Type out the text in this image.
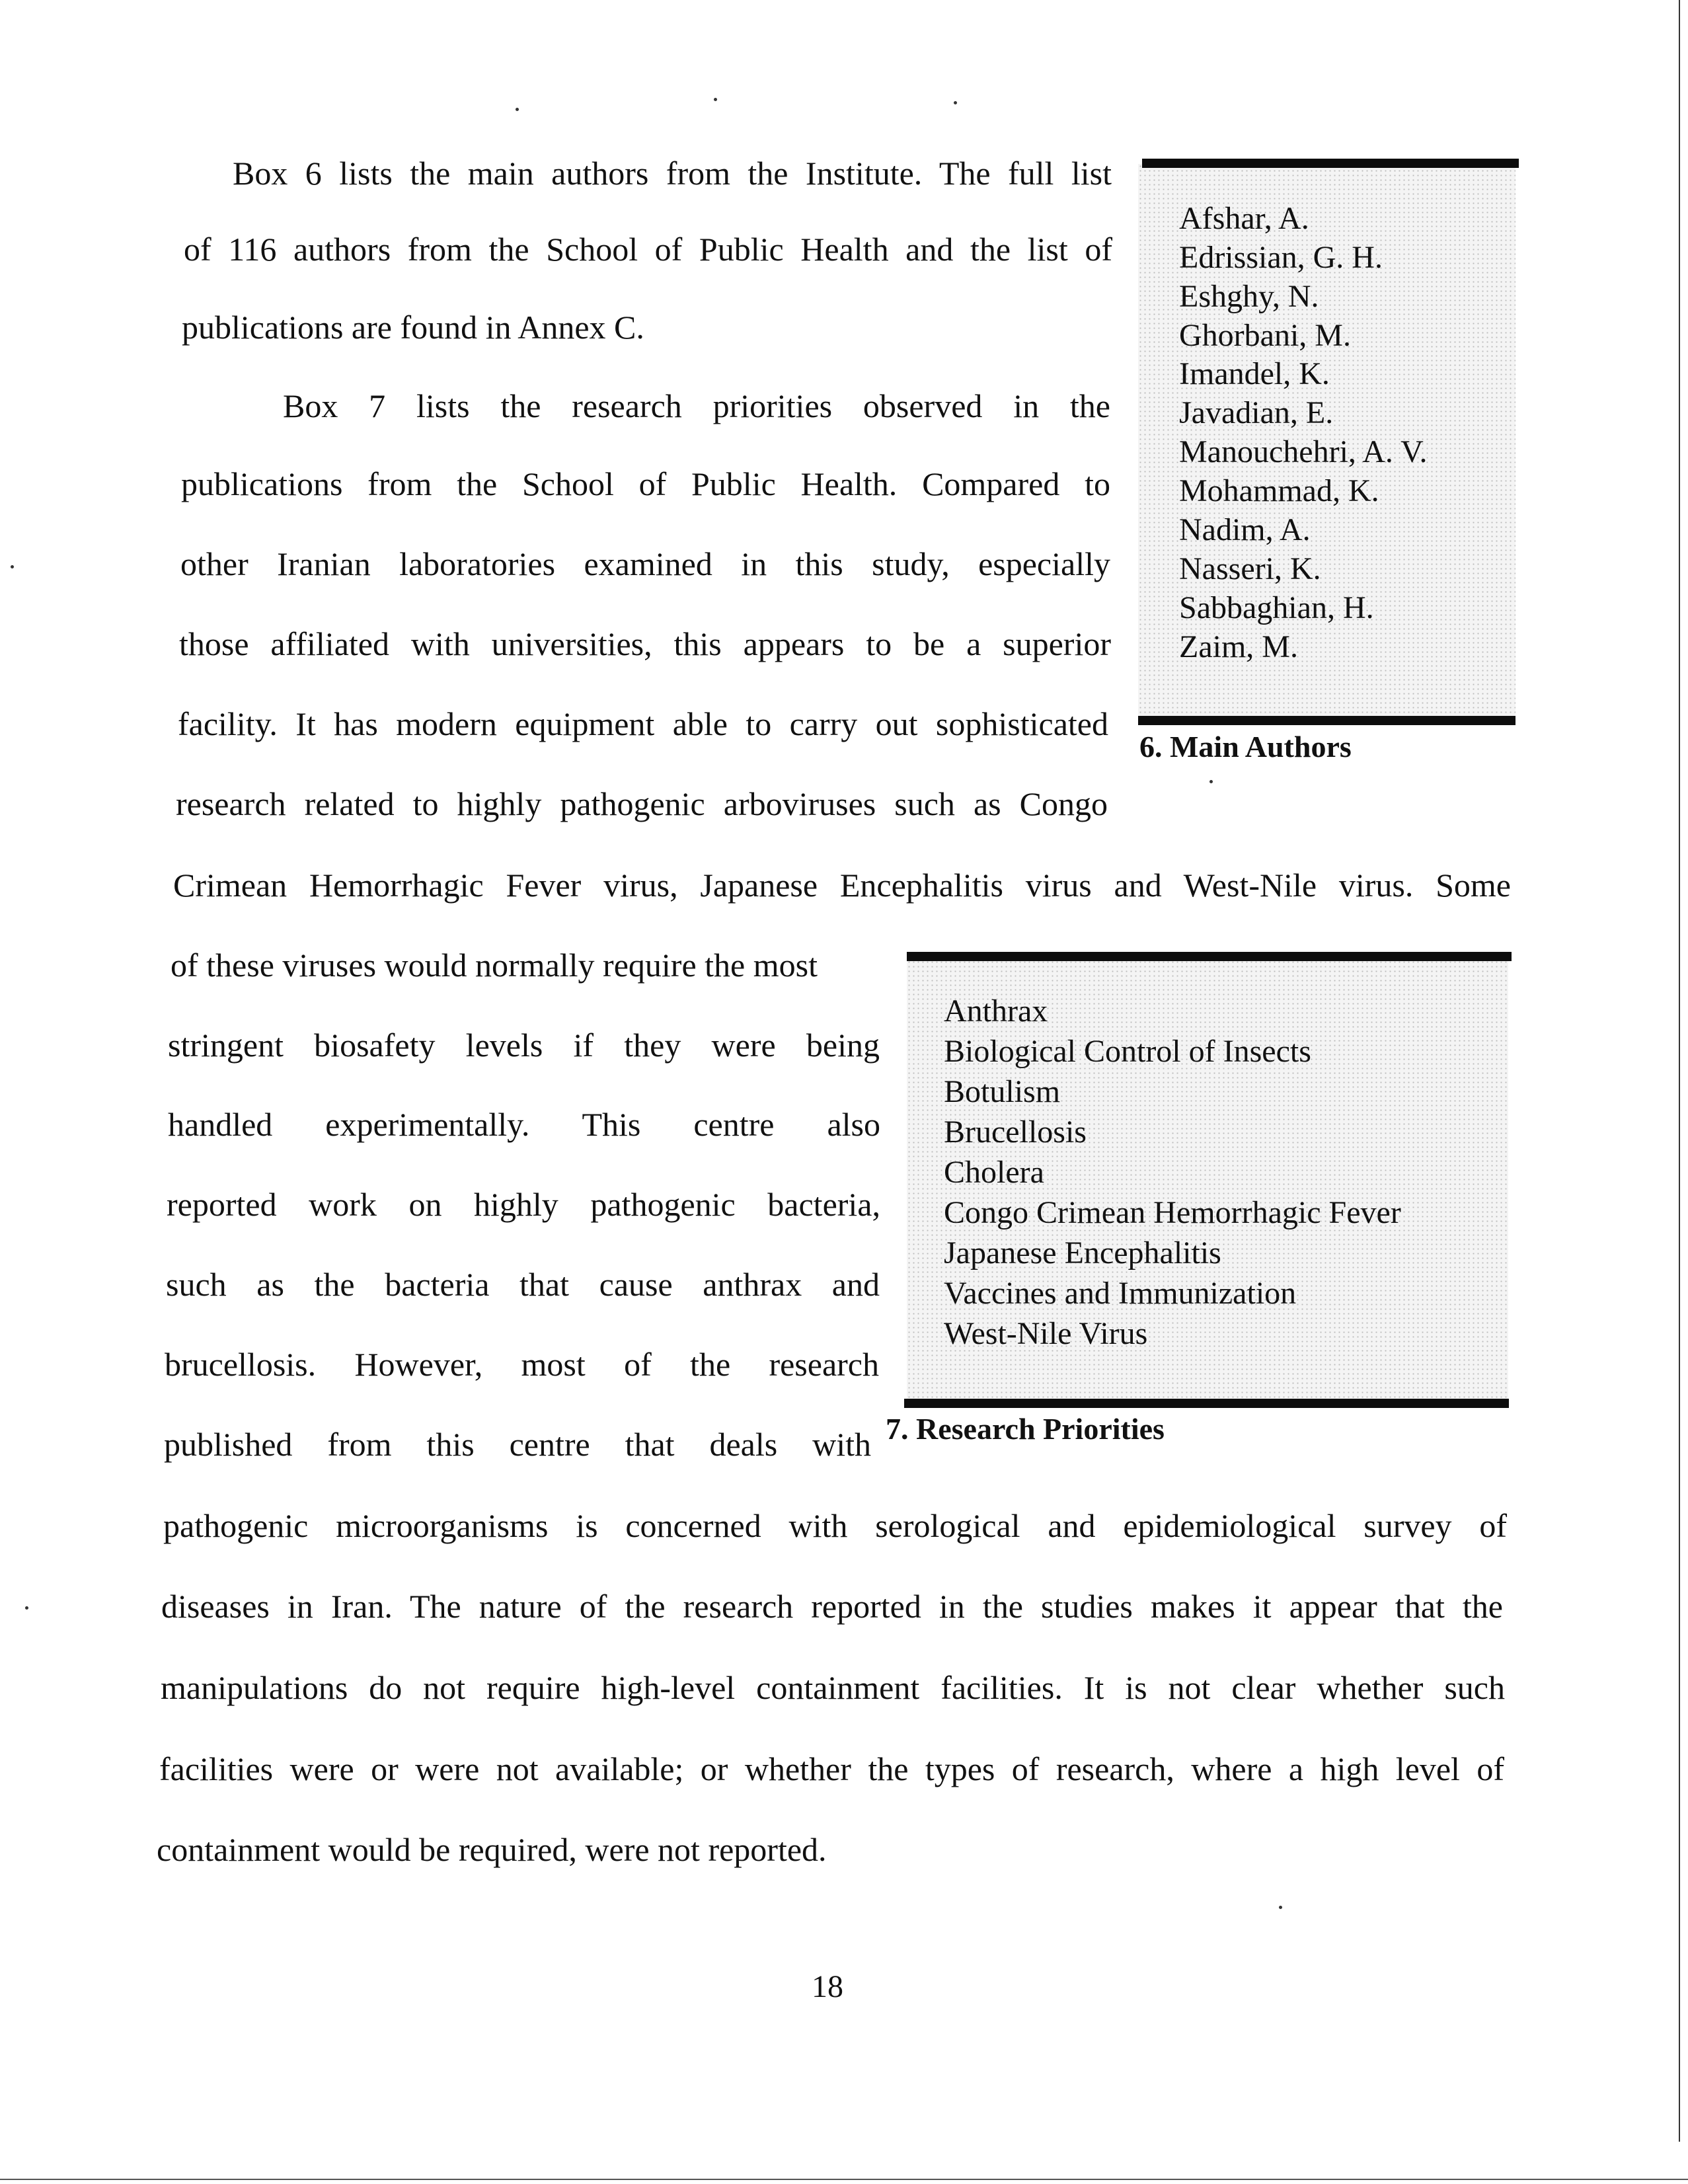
Box 6 lists the main authors from the Institute. The full list
of 116 authors from the School of Public Health and the list of
publications are found in Annex C.
Box 7 lists the research priorities observed in the
publications from the School of Public Health. Compared to
other Iranian laboratories examined in this study, especially
those affiliated with universities, this appears to be a superior
facility. It has modern equipment able to carry out sophisticated
research related to highly pathogenic arboviruses such as Congo
Crimean Hemorrhagic Fever virus, Japanese Encephalitis virus and West-Nile virus. Some
of these viruses would normally require the most
stringent biosafety levels if they were being
handled experimentally. This centre also
reported work on highly pathogenic bacteria,
such as the bacteria that cause anthrax and
brucellosis. However, most of the research
published from this centre that deals with
pathogenic microorganisms is concerned with serological and epidemiological survey of
diseases in Iran. The nature of the research reported in the studies makes it appear that the
manipulations do not require high-level containment facilities. It is not clear whether such
facilities were or were not available; or whether the types of research, where a high level of
containment would be required, were not reported.
Afshar, A.
Edrissian, G. H.
Eshghy, N.
Ghorbani, M.
Imandel, K.
Javadian, E.
Manouchehri, A. V.
Mohammad, K.
Nadim, A.
Nasseri, K.
Sabbaghian, H.
Zaim, M.
6. Main Authors
Anthrax
Biological Control of Insects
Botulism
Brucellosis
Cholera
Congo Crimean Hemorrhagic Fever
Japanese Encephalitis
Vaccines and Immunization
West-Nile Virus
7. Research Priorities
18
